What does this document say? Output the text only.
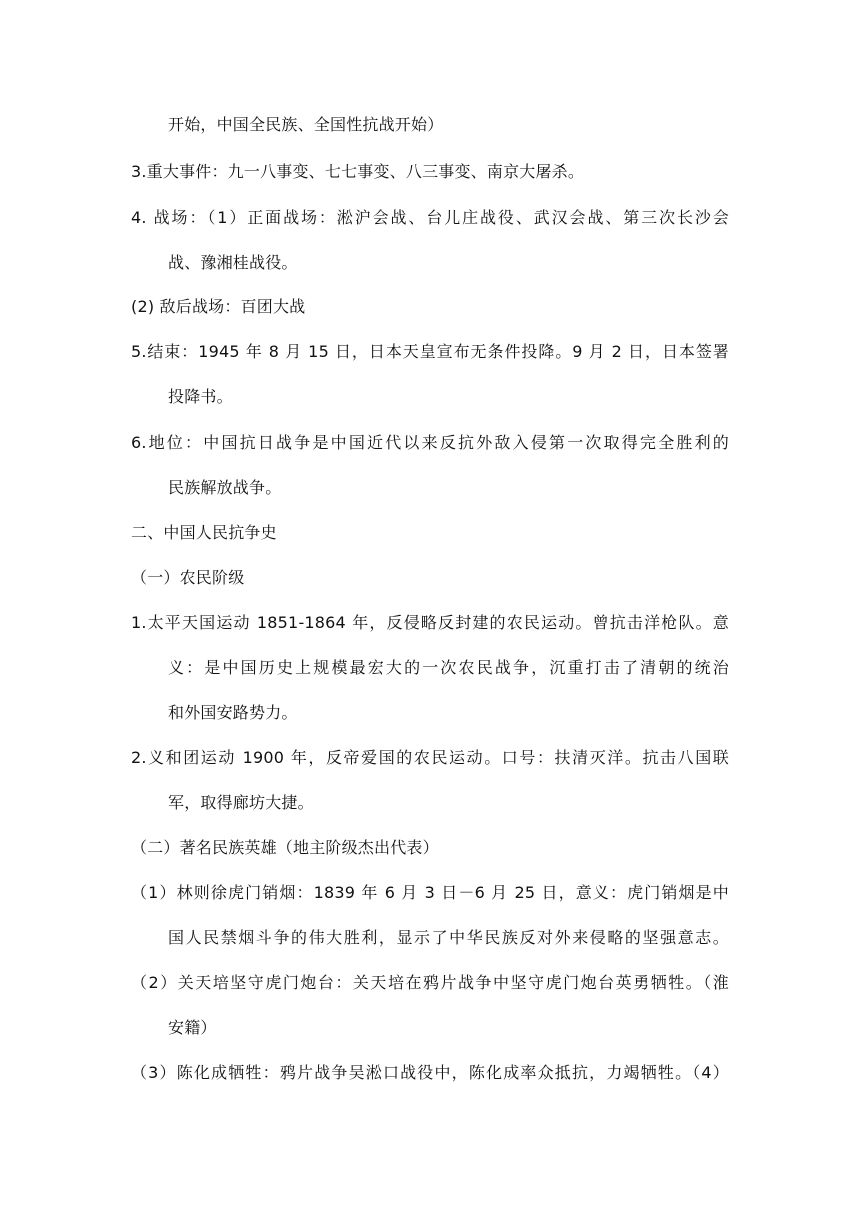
开始，中国全民族、全国性抗战开始）

3.重大事件：九一八事变、七七事变、八三事变、南京大屠杀。

4. 战场：（1）正面战场：淞沪会战、台儿庄战役、武汉会战、第三次长沙会

战、豫湘桂战役。

(2) 敌后战场：百团大战

5.结束：1945 年 8 月 15 日，日本天皇宣布无条件投降。9 月 2 日，日本签署

投降书。

6.地位：中国抗日战争是中国近代以来反抗外敌入侵第一次取得完全胜利的

民族解放战争。

二、中国人民抗争史

（一）农民阶级

1.太平天国运动 1851-1864 年，反侵略反封建的农民运动。曾抗击洋枪队。意

义：是中国历史上规模最宏大的一次农民战争，沉重打击了清朝的统治

和外国安路势力。

2.义和团运动 1900 年，反帝爱国的农民运动。口号：扶清灭洋。抗击八国联

军，取得廊坊大捷。

（二）著名民族英雄（地主阶级杰出代表）

（1）林则徐虎门销烟：1839 年 6 月 3 日－6 月 25 日，意义：虎门销烟是中

国人民禁烟斗争的伟大胜利，显示了中华民族反对外来侵略的坚强意志。

（2）关天培坚守虎门炮台：关天培在鸦片战争中坚守虎门炮台英勇牺牲。（淮

安籍）

（3）陈化成牺牲：鸦片战争吴淞口战役中，陈化成率众抵抗，力竭牺牲。（4）
